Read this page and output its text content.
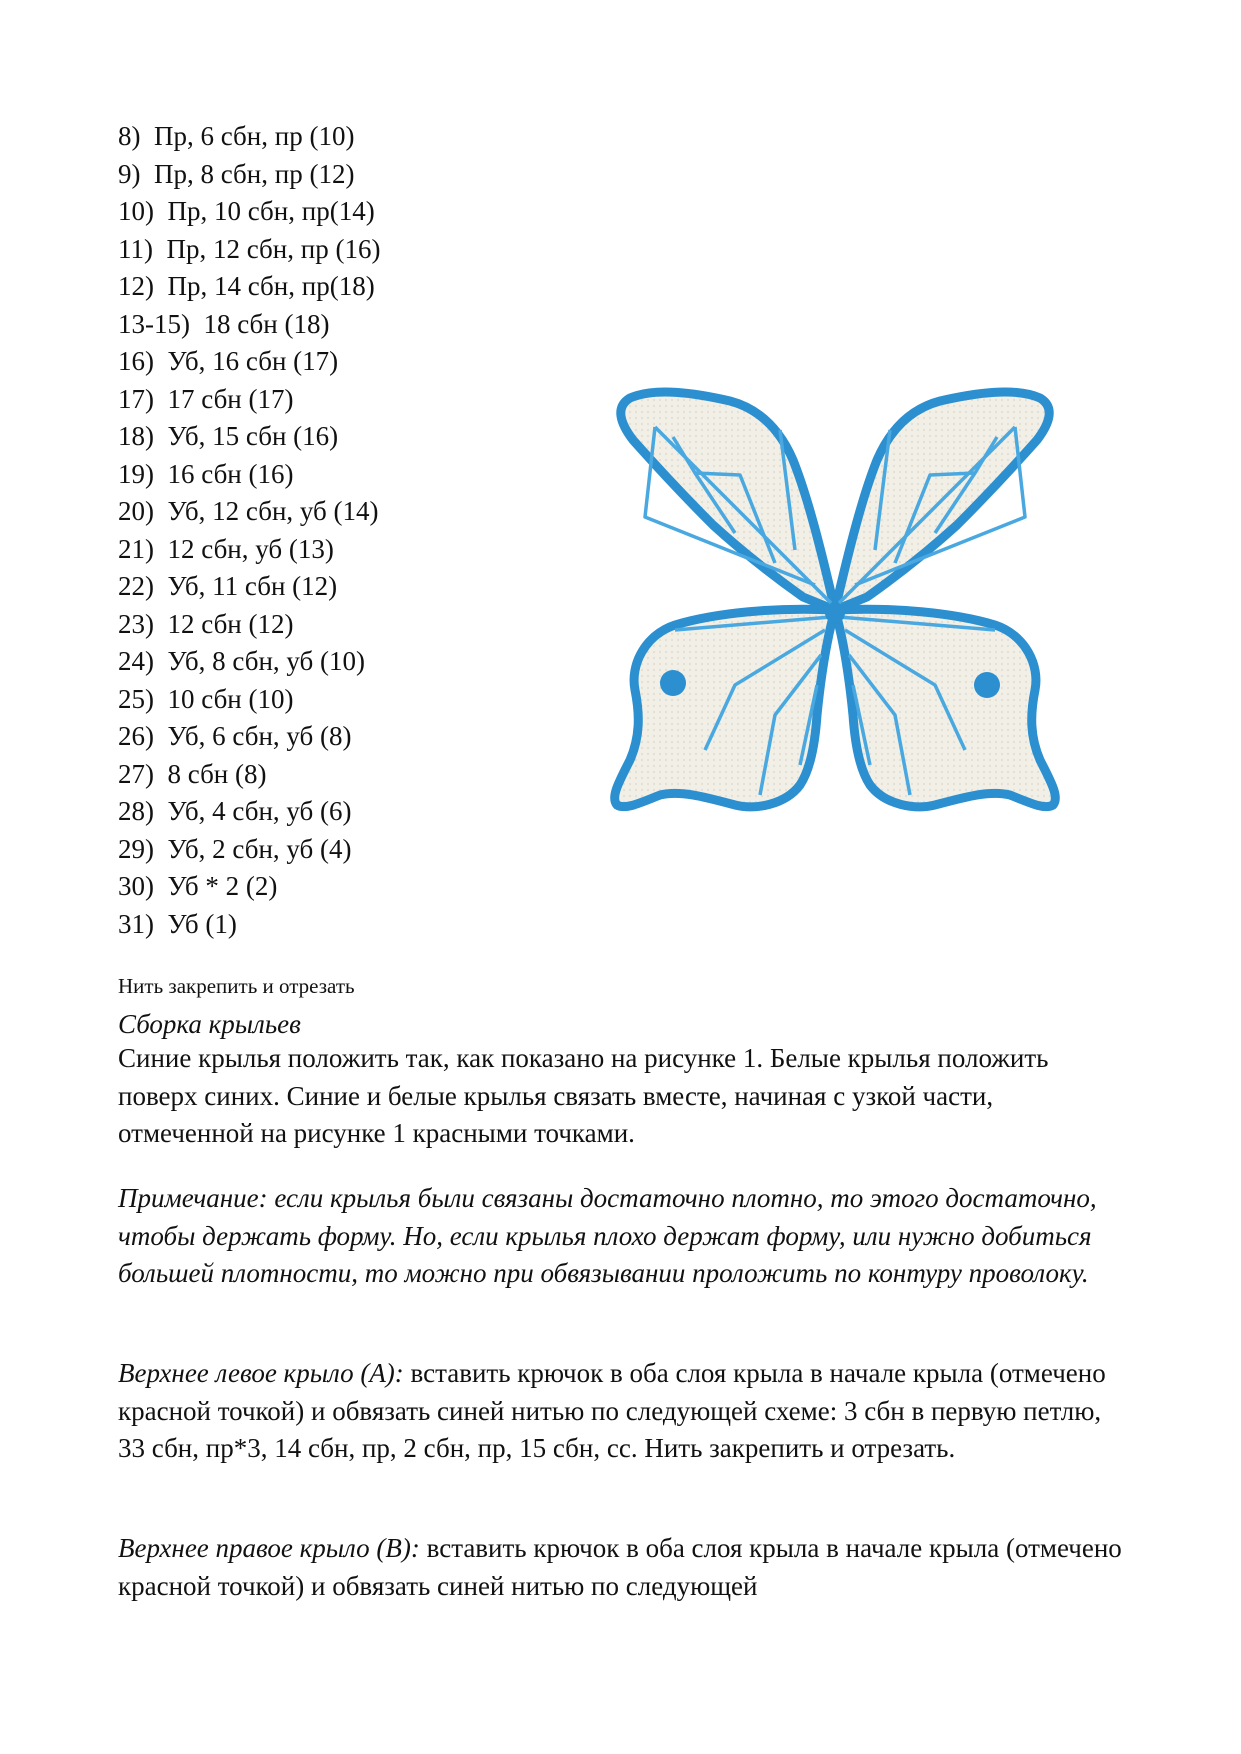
8) Пр, 6 сбн, пр (10)
9) Пр, 8 сбн, пр (12)
10) Пр, 10 сбн, пр(14)
11) Пр, 12 сбн, пр (16)
12) Пр, 14 сбн, пр(18)
13-15) 18 сбн (18)
16) Уб, 16 сбн (17)
17) 17 сбн (17)
18) Уб, 15 сбн (16)
19) 16 сбн (16)
20) Уб, 12 сбн, уб (14)
21) 12 сбн, уб (13)
22) Уб, 11 сбн (12)
23) 12 сбн (12)
24) Уб, 8 сбн, уб (10)
25) 10 сбн (10)
26) Уб, 6 сбн, уб (8)
27) 8 сбн (8)
28) Уб, 4 сбн, уб (6)
29) Уб, 2 сбн, уб (4)
30) Уб * 2 (2)
31) Уб (1)

Нить закрепить и отрезать

Сборка крыльев

Синие крылья положить так, как показано на рисунке 1. Белые крылья положить поверх синих. Синие и белые крылья связать вместе, начиная с узкой части, отмеченной на рисунке 1 красными точками.

Примечание: если крылья были связаны достаточно плотно, то этого достаточно, чтобы держать форму. Но, если крылья плохо держат форму, или нужно добиться большей плотности, то можно при обвязывании проложить по контуру проволоку.

Верхнее левое крыло (А): вставить крючок в оба слоя крыла в начале крыла (отмечено красной точкой) и обвязать синей нитью по следующей схеме: 3 сбн в первую петлю, 33 сбн, пр*3, 14 сбн, пр, 2 сбн, пр, 15 сбн, сс. Нить закрепить и отрезать.

Верхнее правое крыло (В): вставить крючок в оба слоя крыла в начале крыла (отмечено красной точкой) и обвязать синей нитью по следующей
